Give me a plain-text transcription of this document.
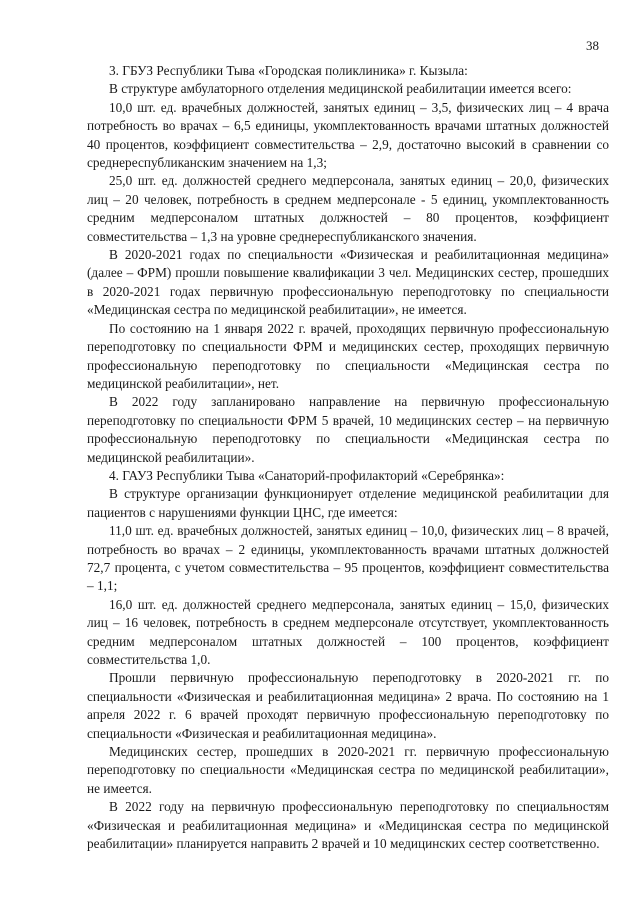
38

3. ГБУЗ Республики Тыва «Городская поликлиника» г. Кызыла:

В структуре амбулаторного отделения медицинской реабилитации имеется всего:

10,0 шт. ед. врачебных должностей, занятых единиц – 3,5, физических лиц – 4 врача потребность во врачах – 6,5 единицы, укомплектованность врачами штатных должностей 40 процентов, коэффициент совместительства – 2,9, достаточно высокий в сравнении со среднереспубликанским значением на 1,3;

25,0 шт. ед. должностей среднего медперсонала, занятых единиц – 20,0, физических лиц – 20 человек, потребность в среднем медперсонале - 5 единиц, укомплектованность средним медперсоналом штатных должностей – 80 процентов, коэффициент совместительства – 1,3 на уровне среднереспубликанского значения.

В 2020-2021 годах по специальности «Физическая и реабилитационная медицина» (далее – ФРМ) прошли повышение квалификации 3 чел. Медицинских сестер, прошедших в 2020-2021 годах первичную профессиональную переподготовку по специальности «Медицинская сестра по медицинской реабилитации», не имеется.

По состоянию на 1 января 2022 г. врачей, проходящих первичную профессиональную переподготовку по специальности ФРМ и медицинских сестер, проходящих первичную профессиональную переподготовку по специальности «Медицинская сестра по медицинской реабилитации», нет.

В 2022 году запланировано направление на первичную профессиональную переподготовку по специальности ФРМ 5 врачей, 10 медицинских сестер – на первичную профессиональную переподготовку по специальности «Медицинская сестра по медицинской реабилитации».

4. ГАУЗ Республики Тыва «Санаторий-профилакторий «Серебрянка»:

В структуре организации функционирует отделение медицинской реабилитации для пациентов с нарушениями функции ЦНС, где имеется:

11,0 шт. ед. врачебных должностей, занятых единиц – 10,0, физических лиц – 8 врачей, потребность во врачах – 2 единицы, укомплектованность врачами штатных должностей 72,7 процента, с учетом совместительства – 95 процентов, коэффициент совместительства – 1,1;

16,0 шт. ед. должностей среднего медперсонала, занятых единиц – 15,0, физических лиц – 16 человек, потребность в среднем медперсонале отсутствует, укомплектованность средним медперсоналом штатных должностей – 100 процентов, коэффициент совместительства 1,0.

Прошли первичную профессиональную переподготовку в 2020-2021 гг. по специальности «Физическая и реабилитационная медицина» 2 врача. По состоянию на 1 апреля 2022 г. 6 врачей проходят первичную профессиональную переподготовку по специальности «Физическая и реабилитационная медицина».

Медицинских сестер, прошедших в 2020-2021 гг. первичную профессиональную переподготовку по специальности «Медицинская сестра по медицинской реабилитации», не имеется.

В 2022 году на первичную профессиональную переподготовку по специальностям «Физическая и реабилитационная медицина» и «Медицинская сестра по медицинской реабилитации» планируется направить 2 врачей и 10 медицинских сестер соответственно.
